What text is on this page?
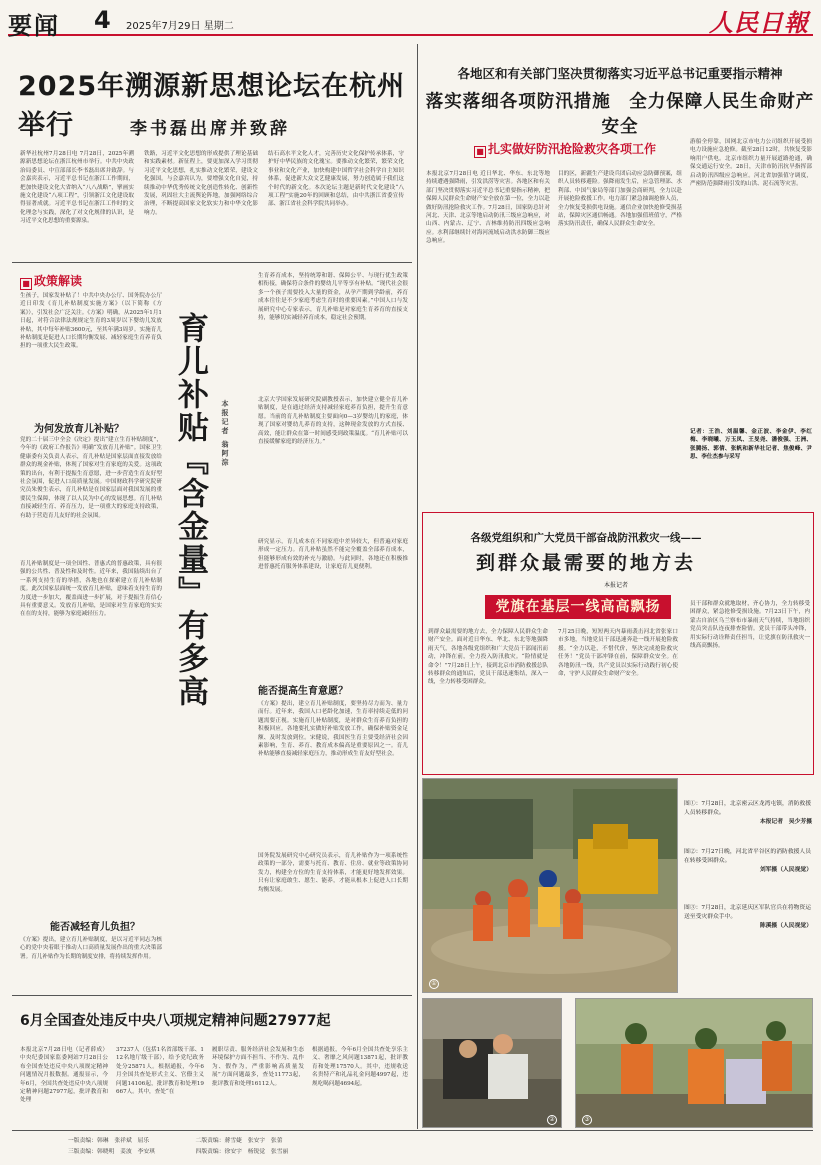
要闻 4 2025年7月29日 星期二	人民日報
2025年溯源新思想论坛在杭州举行	李书磊出席并致辞
新华社杭州7月28日电 7月28日，2025年溯源新思想论坛在浙江杭州市举行。中共中央政治局委员、中宣部部长李书磊出席并致辞。与会嘉宾表示，习近平总书记在浙江工作期间，把加快建设文化大省纳入“八八战略”，擘画实施文化建设“八项工程”，引领浙江文化建设取得显著成就。习近平总书记在浙江工作时的文化理念与实践，深化了对文化规律的认识，是习近平文化思想的重要源泉。
铁路，习近平文化思想的形成提供了理论基础和实践素材。新征程上，要更加深入学习贯彻习近平文化思想，扎实推动文化繁荣，建设文化强国。与会嘉宾认为，要增强文化自觉，持续推动中华优秀传统文化创造性转化、创新性发展，巩固壮大主流舆论阵地，加强网络综合治理，不断提高国家文化软实力和中华文化影响力。
结石高水平文化人才，完善历史文化保护传承体系，守护好中华民族的文化瑰宝。要推动文化繁荣，繁荣文化事业和文化产业，加快构建中国哲学社会科学自主知识体系，促进新大众文艺健康发展，努力创造属于我们这个时代的新文化。本次论坛主题是新时代文化建设“八项工程”实施20年的回顾和总结，由中共浙江省委宣传部、浙江省社会科学院共同举办。
■ 政策解读
生孩子，国家发补贴了！中共中央办公厅、国务院办公厅近日印发《育儿补贴制度实施方案》（以下简称《方案》），引发社会广泛关注。《方案》明确，从2025年1月1日起，对符合法律法规规定生育的3周岁以下婴幼儿发放补贴，其中每年补贴3600元，至其年满3周岁。实施育儿补贴制度是促进人口长期均衡发展、减轻家庭生育养育负担的一项重大民生政策。
为何发放育儿补贴？
党的二十届三中全会《决定》提出“建立生育补贴制度”，今年的《政府工作报告》明确“发放育儿补贴”。国家卫生健康委有关负责人表示，育儿补贴是国家层面直接发放给群众的现金补贴，体现了国家对生育家庭的关爱。这项政策的出台，有利于提振生育意愿，进一步营造生育友好型社会氛围，促进人口高质量发展。中国财政科学研究院研究员朱俊生表示，育儿补贴是在国家层面对我国发展的重要民生保障，体现了以人民为中心的发展思想。育儿补贴直接减轻生育、养育压力，是一项重大的家庭支持政策，有助于营造育儿友好的社会氛围。
育儿补贴制度是一项全国性、普惠式的普惠政策，具有很强的公共性、普及性和及时性。近年来，我国陆续出台了一系列支持生育的举措，各地也在探索建立育儿补贴制度。此次国家层面统一发放育儿补贴，意味着支持生育的力度进一步加大，覆盖面进一步扩展，对于提振生育信心具有重要意义。发放育儿补贴，是国家对生育家庭的实实在在的支持，能够为家庭减轻压力。
能否减轻育儿负担？
《方案》提出，建立育儿补贴制度，是以习近平同志为核心的党中央着眼于推动人口高质量发展作出的重大决策部署。育儿补贴作为长期的制度安排，将持续发挥作用。
育儿补贴『含金量』有多高 本报记者 翁阿淙
生育养育成本，坚持统筹和谐、保障公平、与现行优生政策相衔接，确保符合条件的婴幼儿平等享有补贴。“现代社会很多一个孩子需要投入大量的资金，从孕产期到学龄前，养育成本往往是不少家庭考虑生育时的重要因素。”中国人口与发展研究中心专家表示，育儿补贴是对家庭生育养育的直接支持，能够切实减轻养育成本，稳定社会预期。
北京大学国家发展研究院副教授表示，加快建立健全育儿补贴制度，是在通过经济支持减轻家庭养育负担，提升生育意愿。当前的育儿补贴制度主要面向0—3岁婴幼儿的家庭，体现了国家对婴幼儿养育的支持，这种现金发放的方式直接、高效，能让群众在第一时间感受到政策温度。“育儿补贴可以直接缓解家庭的经济压力。”
研究显示，育儿成本在不同家庭中差异较大，但普遍对家庭形成一定压力。育儿补贴虽然不能完全覆盖全部养育成本，但能够形成有效的补充与激励。与此同时，各地还在积极推进普惠托育服务体系建设，让家庭育儿更便利。
能否提高生育意愿？
《方案》提出，建立育儿补贴制度，要坚持尽力而为、量力而行。近年来，我国人口老龄化加速，生育率持续走低的问题需要正视。实施育儿补贴制度，是对群众生育养育负担的积极回应。各地要扎实做好补贴发放工作，确保补贴资金足额、及时发放到位。宋健说，我国医生育主要受经济社会因素影响，生育、养育、教育成本偏高是重要原因之一。育儿补贴能够直接减轻家庭压力，推动形成生育友好型社会。
国务院发展研究中心研究员表示，育儿补贴作为一项系统性政策的一部分，需要与托育、教育、住房、就业等政策协同发力，构建全方位的生育支持体系，才能更好地发挥效果。只有让家庭敢生、愿生、能养，才能从根本上促进人口长期均衡发展。
6月全国查处违反中央八项规定精神问题27977起
本报北京7月28日电（记者薛成）中央纪委国家监委网站7月28日公布全国查处违反中央八项规定精神问题情况月报数据。通报显示，今年6月，全国共查处违反中央八项规定精神问题27977起，批评教育和处理
37237人（包括1名省部级干部、112名地厅级干部），给予党纪政务处分25871人。根据通报，今年6月全国共查处形式主义、官僚主义问题14106起，批评教育和处理19667人。其中，查处“在
履职尽责、服务经济社会发展和生态环境保护方面不担当、不作为、乱作为、假作为，严重影响高质量发展”方面问题最多，查处11773起，批评教育和处理16112人。
根据通报，今年6月全国共查处享乐主义、奢靡之风问题13871起，批评教育和处理17570人。其中，违规收送名贵特产和礼品礼金问题4997起，违规吃喝问题4694起。
各地区和有关部门坚决贯彻落实习近平总书记重要指示精神
落实落细各项防汛措施　全力保障人民生命财产安全
■ 扎实做好防汛抢险救灾各项工作
本报北京7月28日电 近日华北、华东、东北等地持续遭遇强降雨，引发洪涝等灾害。各地区和有关部门坚决贯彻落实习近平总书记重要指示精神，把保障人民群众生命财产安全放在第一位，全力以赴做好防汛抢险救灾工作。7月28日，国家防总针对河北、天津、北京等地启动防汛三级应急响应，对山西、内蒙古、辽宁、吉林维持防汛四级应急响应。水利部继续针对海河流域启动洪水防御三级应急响应。
目的区，新疆生产建设兵团启动应急防御预案，组织人员转移避险。强降雨发生后，应急管理部、水利部、中国气象局等部门加强会商研判，全力以赴开展抢险救援工作。电力部门紧急抽调抢修人员，全力恢复受损供电设施。通信企业加快抢修受损基站，保障灾区通信畅通。各地加强值班值守，严格落实防汛责任，确保人民群众生命安全。
游船全停靠，国网北京市电力公司组织开展受损电力设施应急抢修。截至28日12时，共恢复受影响用户供电。北京市组织力量开展道路抢通，确保交通运行安全。28日，天津市防汛抗旱指挥部启动防汛四级应急响应。河北省加强值守调度，严密防范强降雨引发的山洪、泥石流等灾害。
记者：王浩、刘温馨、金正波、李金伊、李红梅、李晓曦、万玉凤、王旻尧、潘俊强、王洲、张腾扬、郭倩、张帆和新华社记者、焦俊峰、尹思、李仕杰参与采写
各级党组织和广大党员干部奋战防汛救灾一线——
到群众最需要的地方去
本报记者
党旗在基层一线高高飘扬
到群众最需要的地方去，全力保障人民群众生命财产安全。面对近日华东、华北、东北等地强降雨天气，各地各级党组织和广大党员干部闻汛而动，冲锋在前，全力投入防汛救灾。“险情就是命令！”7月28日上午，接到北京市消防救援总队转移群众的通知后，党员干部迅速集结，深入一线，全力转移受困群众。
7月25日晚，短短两天内暴雨袭击河北省张家口市多地，当地党员干部迅速奔赴一线开展抢险救援。“全力以赴，不惜代价，坚决完成抢险救灾任务！”党员干部冲锋在前，保障群众安全。在各地防汛一线，共产党员以实际行动践行初心使命，守护人民群众生命财产安全。
员干部和群众就地取材，齐心协力，全力转移受困群众，紧急抢修受损设施。7月23日下午，内蒙古自治区乌兰察布市暴雨天气持续，当地组织党员突击队连夜排查险情。党员干部带头冲锋，用实际行动诠释责任担当，让党旗在防汛救灾一线高高飘扬。
①
图①：7月28日，北京密云区龙湾屯镇，消防救援人员转移群众。
本报记者　吴少芳摄
图②：7月27日晚，河北省平谷区的消防救援人员在转移受困群众。
刘军摄（人民视觉）
图③：7月28日，北京延庆区军队官兵在将物资运送至受灾群众手中。
陈溪摄（人民视觉）
②	③
一版责编：韩琳　张祥斌　屈乐　　　　　　　　二版责编：蔣雪婕　张安宇　张蕾
三版责编：韩晓明　姜波　李安琪　　　　　　　四版责编：徐安宇　杨锐觉　张雪丽
